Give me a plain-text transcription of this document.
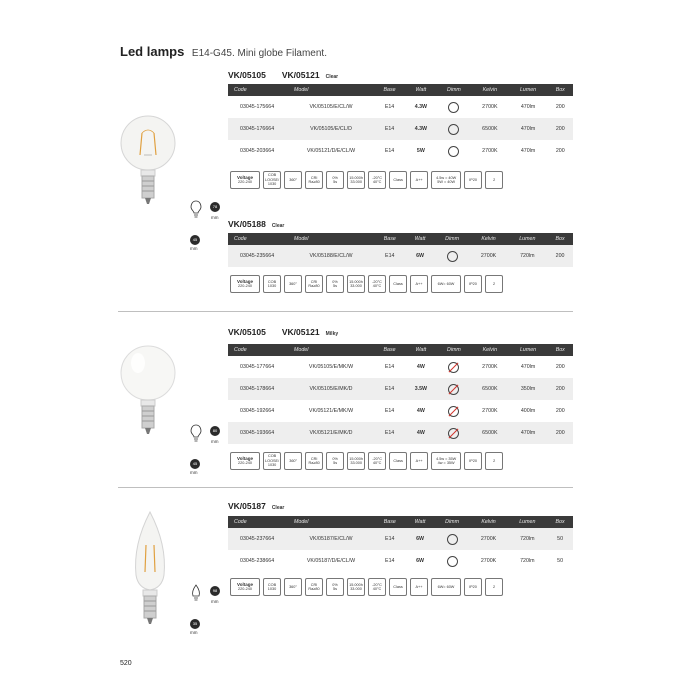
Led lamps E14-G45. Mini globe Filament.
78
mm
45
mm
80
mm
45
mm
98
mm
35
mm
VK/05105 VK/05121 Clear
Code	Model	Base	Watt	Dimm	Kelvin	Lumen	Box
03045-175664	VK/05105/E/CL/W	E14	4.3W		2700K	470lm	200
03045-176664	VK/05105/E/CL/D	E14	4.3W		6500K	470lm	200
03045-203664	VK/05121/D/E/CL/W	E14	5W		2700K	470lm	200
Voltage
220-240
COB
LOOSE/
1030
360°
CRI
Ra≥80
0%
5s
15.000h
33.000
-20°C
40°C
Class	A++
4.5w = 40W
5W = 40W
IP20	2
VK/05188 Clear
Code	Model	Base	Watt	Dimm	Kelvin	Lumen	Box
03045-235664	VK/05188/E/CL/W	E14	6W		2700K	720lm	200
Voltage
220-240
COB
1030
360°
CRI
Ra≥80
0%
5s
15.000h
33.000
-20°C
40°C
Class	A++	6W= 60W	IP20	2
VK/05105 VK/05121 Milky
Code	Model	Base	Watt	Dimm	Kelvin	Lumen	Box
03045-177664	VK/05105/E/MK/W	E14	4W		2700K	470lm	200
03045-178664	VK/05105/E/MK/D	E14	3.5W		6500K	350lm	200
03045-192664	VK/05121/E/MK/W	E14	4W		2700K	400lm	200
03045-193664	VK/05121/E/MK/D	E14	4W		6500K	470lm	200
Voltage
220-240
COB
LOOSE/
1030
360°
CRI
Ra≥80
0%
5s
15.000h
33.000
-20°C
40°C
Class	A++
4.5w = 35W
4w = 35W
IP20	2
VK/05187 Clear
Code	Model	Base	Watt	Dimm	Kelvin	Lumen	Box
03045-237664	VK/05187/E/CL/W	E14	6W		2700K	720lm	50
03045-238664	VK/05187/D/E/CL/W	E14	6W		2700K	720lm	50
Voltage
220-240
COB
1030
360°
CRI
Ra≥80
0%
5s
15.000h
33.000
-20°C
40°C
Class	A++	6W= 60W	IP20	2
520
